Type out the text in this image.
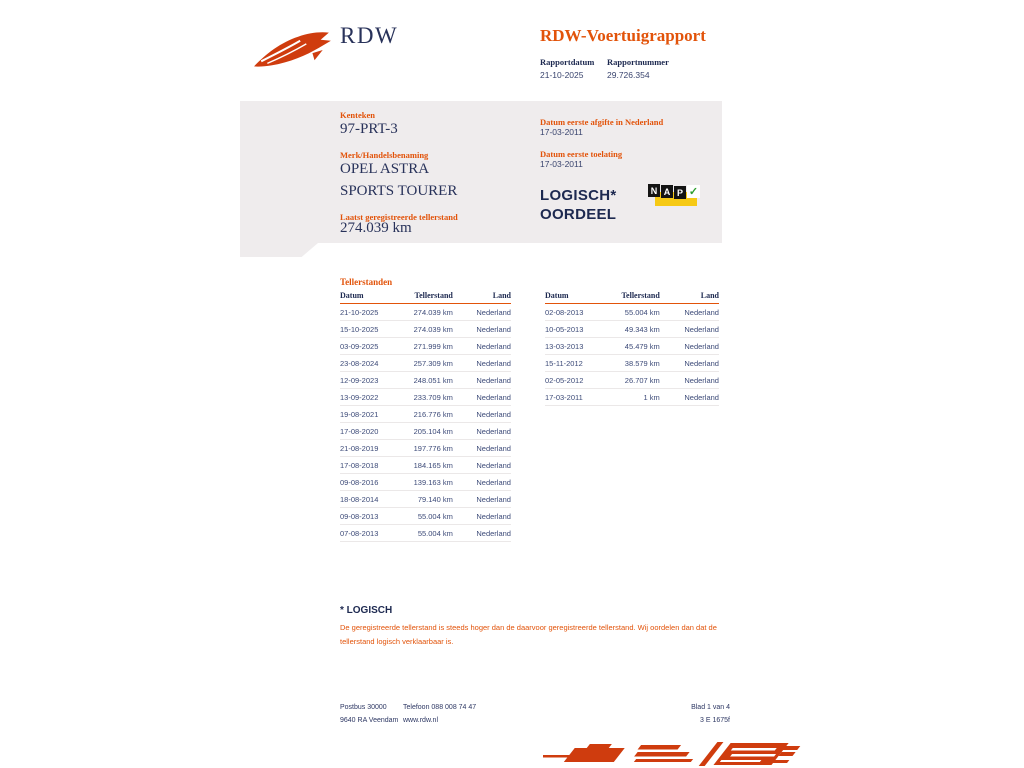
RDW	RDW-Voertuigrapport
Rapportdatum
21-10-2025
Rapportnummer
29.726.354
Kenteken
97-PRT-3
Merk/Handelsbenaming
OPEL ASTRA SPORTS TOURER
Laatst geregistreerde tellerstand
274.039 km
Datum eerste afgifte in Nederland
17-03-2011
Datum eerste toelating
17-03-2011
LOGISCH*
OORDEEL
N A P ✓
Tellerstanden
Datum	Tellerstand	Land
21-10-2025	274.039 km	Nederland
15-10-2025	274.039 km	Nederland
03-09-2025	271.999 km	Nederland
23-08-2024	257.309 km	Nederland
12-09-2023	248.051 km	Nederland
13-09-2022	233.709 km	Nederland
19-08-2021	216.776 km	Nederland
17-08-2020	205.104 km	Nederland
21-08-2019	197.776 km	Nederland
17-08-2018	184.165 km	Nederland
09-08-2016	139.163 km	Nederland
18-08-2014	79.140 km	Nederland
09-08-2013	55.004 km	Nederland
07-08-2013	55.004 km	Nederland
Datum	Tellerstand	Land
02-08-2013	55.004 km	Nederland
10-05-2013	49.343 km	Nederland
13-03-2013	45.479 km	Nederland
15-11-2012	38.579 km	Nederland
02-05-2012	26.707 km	Nederland
17-03-2011	1 km	Nederland
* LOGISCH
De geregistreerde tellerstand is steeds hoger dan de daarvoor geregistreerde tellerstand. Wij oordelen dan dat de tellerstand logisch verklaarbaar is.
Postbus 30000
9640 RA Veendam
Telefoon 088 008 74 47
www.rdw.nl
Blad 1 van 4
3 E 1675f
